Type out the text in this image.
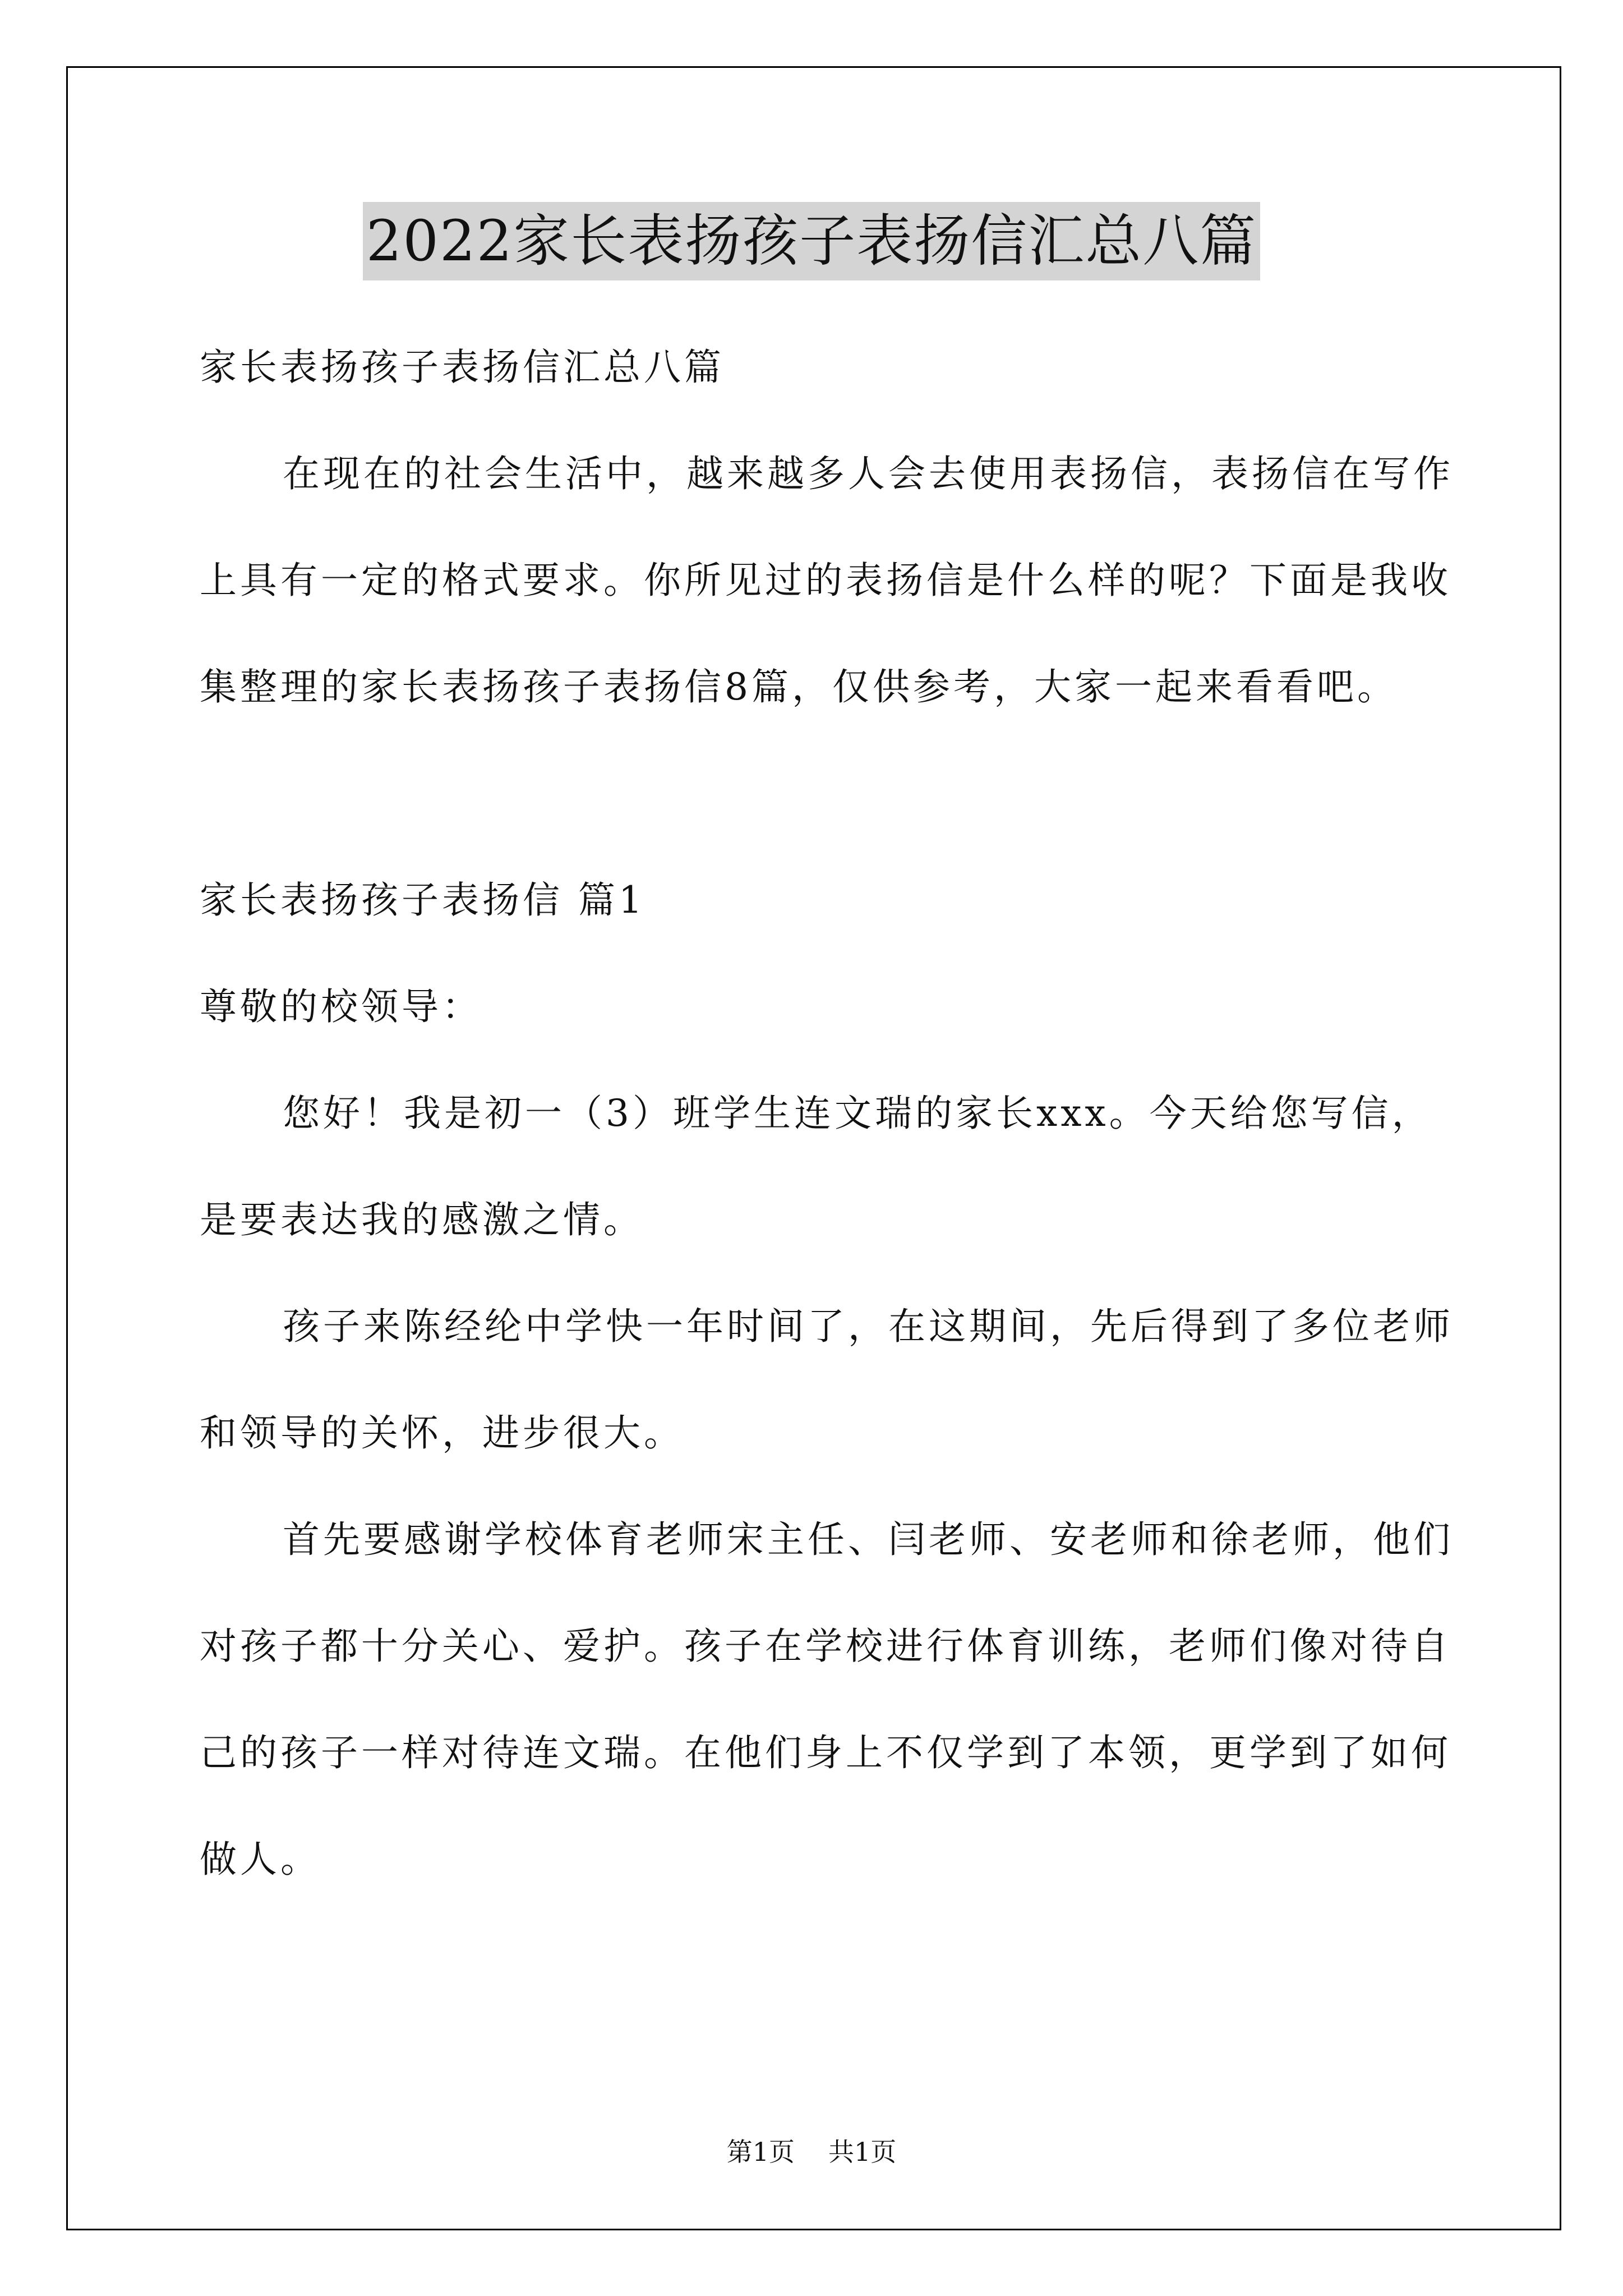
2022家长表扬孩子表扬信汇总八篇

家长表扬孩子表扬信汇总八篇

在现在的社会生活中，越来越多人会去使用表扬信，表扬信在写作上具有一定的格式要求。你所见过的表扬信是什么样的呢？下面是我收集整理的家长表扬孩子表扬信8篇，仅供参考，大家一起来看看吧。

家长表扬孩子表扬信 篇1

尊敬的校领导：

您好！我是初一（3）班学生连文瑞的家长xxx。今天给您写信，是要表达我的感激之情。

孩子来陈经纶中学快一年时间了，在这期间，先后得到了多位老师和领导的关怀，进步很大。

首先要感谢学校体育老师宋主任、闫老师、安老师和徐老师，他们对孩子都十分关心、爱护。孩子在学校进行体育训练，老师们像对待自己的孩子一样对待连文瑞。在他们身上不仅学到了本领，更学到了如何做人。

第1页 共1页
